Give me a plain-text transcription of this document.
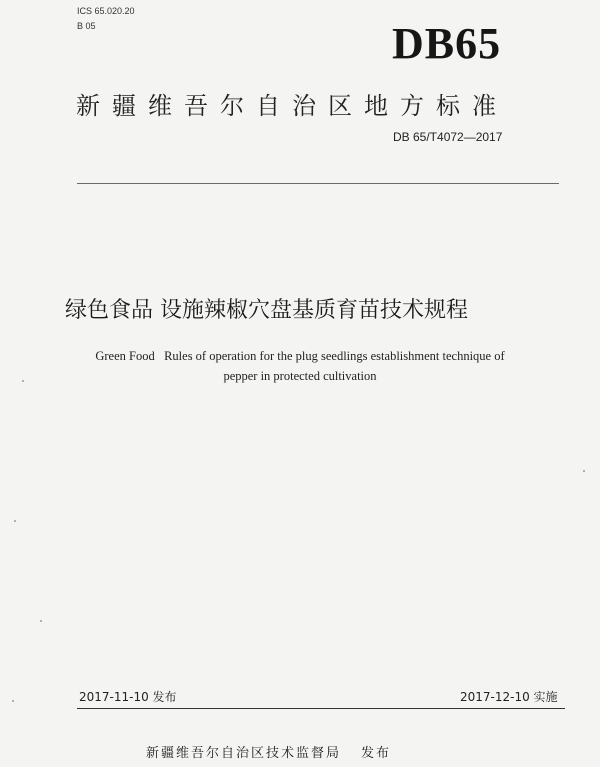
ICS 65.020.20
B 05	DB65
新疆维吾尔自治区地方标准
DB 65/T4072—2017
绿色食品 设施辣椒穴盘基质育苗技术规程
Green Food   Rules of operation for the plug seedlings establishment technique of
pepper in protected cultivation
2017-11-10 发布	2017-12-10 实施
新疆维吾尔自治区技术监督局 发布
